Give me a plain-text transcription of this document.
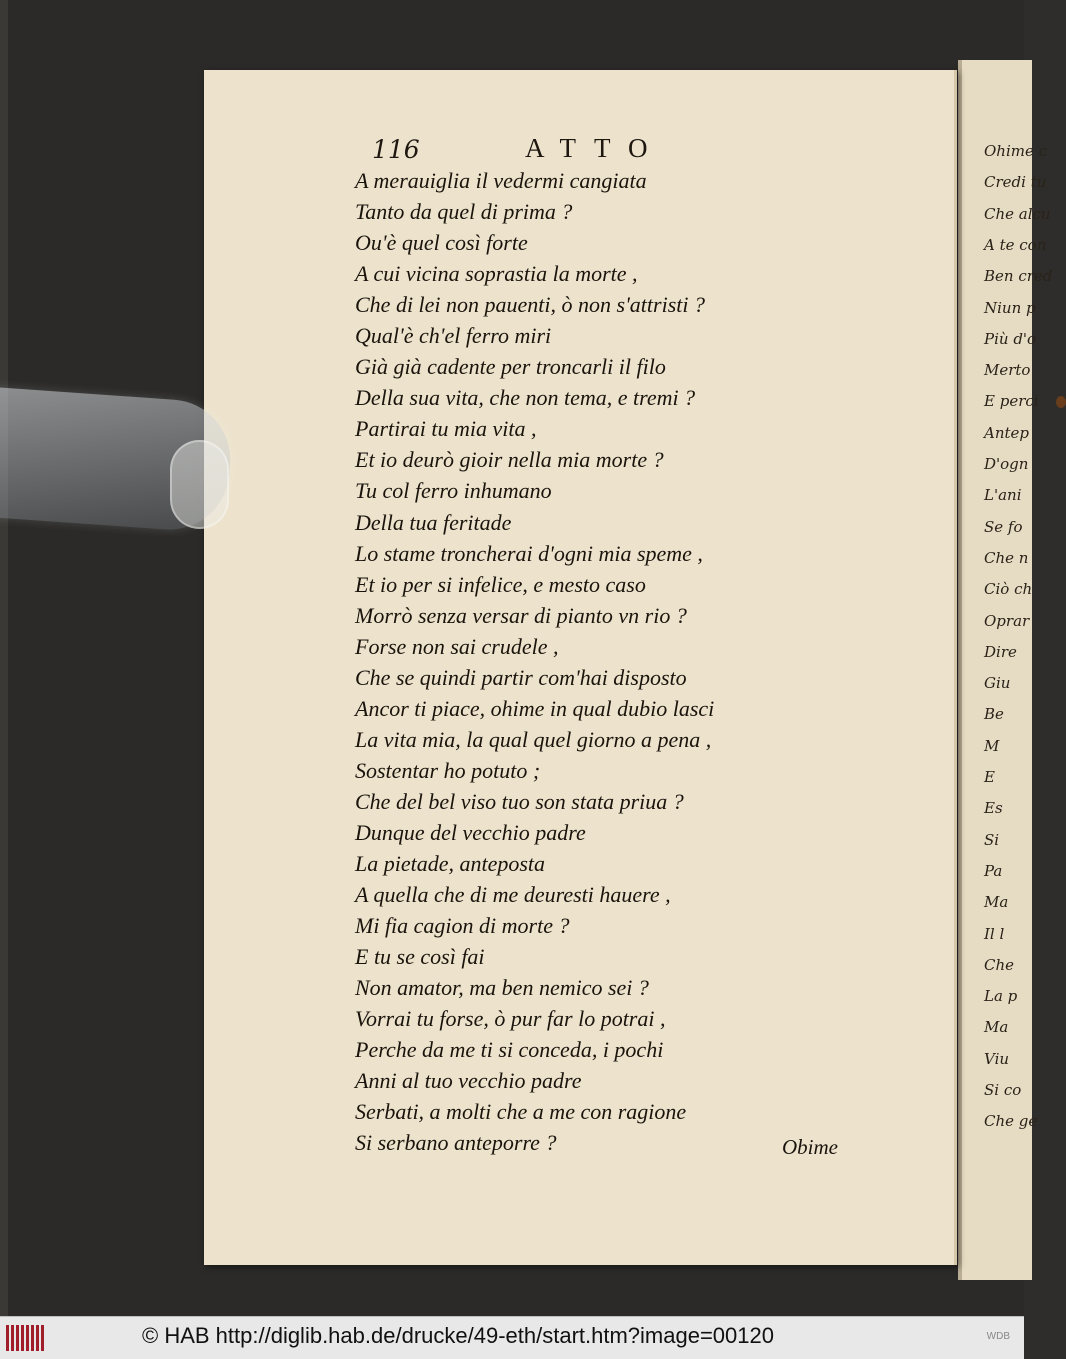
Ohime c
Credi tu
Che alcu
A te con
Ben cred
Niun p
Più d'o
Merto
E perci
Antep
D'ogn
L'ani
Se fo
Che n
Ciò ch
Oprar
Dire
Giu
Be
M
E
Es
Si
Pa
Ma
Il l
Che
La p
Ma
Viu
Si co
Che ge
116	ATTO
A merauiglia il vedermi cangiata
Tanto da quel di prima ?
Ou'è quel così forte
A cui vicina soprastia la morte ,
Che di lei non pauenti, ò non s'attristi ?
Qual'è ch'el ferro miri
Già già cadente per troncarli il filo
Della sua vita, che non tema, e tremi ?
Partirai tu mia vita ,
Et io deurò gioir nella mia morte ?
Tu col ferro inhumano
Della tua feritade
Lo stame troncherai d'ogni mia speme ,
Et io per si infelice, e mesto caso
Morrò senza versar di pianto vn rio ?
Forse non sai crudele ,
Che se quindi partir com'hai disposto
Ancor ti piace, ohime in qual dubio lasci
La vita mia, la qual quel giorno a pena ,
Sostentar ho potuto ;
Che del bel viso tuo son stata priua ?
Dunque del vecchio padre
La pietade, anteposta
A quella che di me deuresti hauere ,
Mi fia cagion di morte ?
E tu se così fai
Non amator, ma ben nemico sei ?
Vorrai tu forse, ò pur far lo potrai ,
Perche da me ti si conceda, i pochi
Anni al tuo vecchio padre
Serbati, a molti che a me con ragione
Si serbano anteporre ?	Obime
© HAB http://diglib.hab.de/drucke/49-eth/start.htm?image=00120	WDB
